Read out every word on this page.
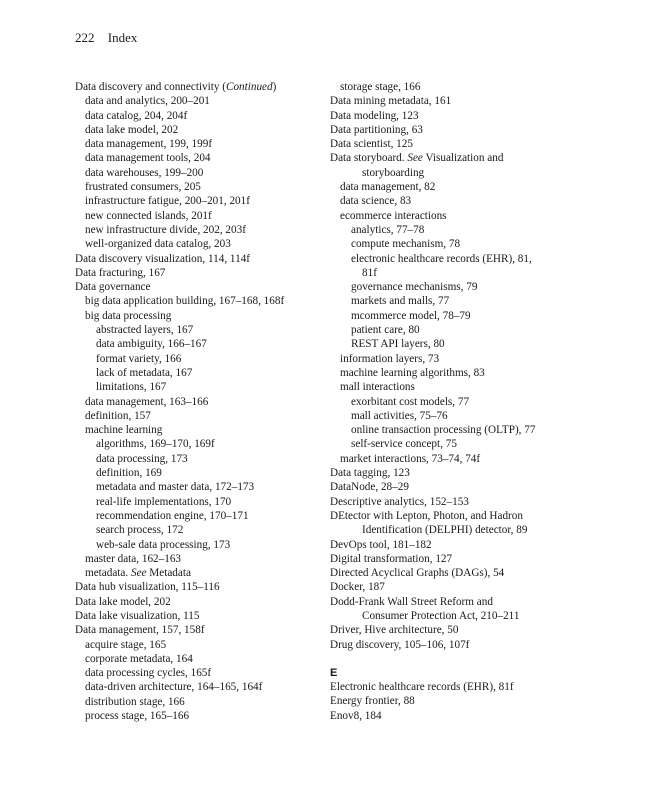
222 Index
Data discovery and connectivity (Continued)
data and analytics, 200–201
data catalog, 204, 204f
data lake model, 202
data management, 199, 199f
data management tools, 204
data warehouses, 199–200
frustrated consumers, 205
infrastructure fatigue, 200–201, 201f
new connected islands, 201f
new infrastructure divide, 202, 203f
well-organized data catalog, 203
Data discovery visualization, 114, 114f
Data fracturing, 167
Data governance
big data application building, 167–168, 168f
big data processing
abstracted layers, 167
data ambiguity, 166–167
format variety, 166
lack of metadata, 167
limitations, 167
data management, 163–166
definition, 157
machine learning
algorithms, 169–170, 169f
data processing, 173
definition, 169
metadata and master data, 172–173
real-life implementations, 170
recommendation engine, 170–171
search process, 172
web-sale data processing, 173
master data, 162–163
metadata. See Metadata
Data hub visualization, 115–116
Data lake model, 202
Data lake visualization, 115
Data management, 157, 158f
acquire stage, 165
corporate metadata, 164
data processing cycles, 165f
data-driven architecture, 164–165, 164f
distribution stage, 166
process stage, 165–166
storage stage, 166
Data mining metadata, 161
Data modeling, 123
Data partitioning, 63
Data scientist, 125
Data storyboard. See Visualization and
storyboarding
data management, 82
data science, 83
ecommerce interactions
analytics, 77–78
compute mechanism, 78
electronic healthcare records (EHR), 81,
81f
governance mechanisms, 79
markets and malls, 77
mcommerce model, 78–79
patient care, 80
REST API layers, 80
information layers, 73
machine learning algorithms, 83
mall interactions
exorbitant cost models, 77
mall activities, 75–76
online transaction processing (OLTP), 77
self-service concept, 75
market interactions, 73–74, 74f
Data tagging, 123
DataNode, 28–29
Descriptive analytics, 152–153
DEtector with Lepton, Photon, and Hadron
Identification (DELPHI) detector, 89
DevOps tool, 181–182
Digital transformation, 127
Directed Acyclical Graphs (DAGs), 54
Docker, 187
Dodd-Frank Wall Street Reform and
Consumer Protection Act, 210–211
Driver, Hive architecture, 50
Drug discovery, 105–106, 107f
E
Electronic healthcare records (EHR), 81f
Energy frontier, 88
Enov8, 184
